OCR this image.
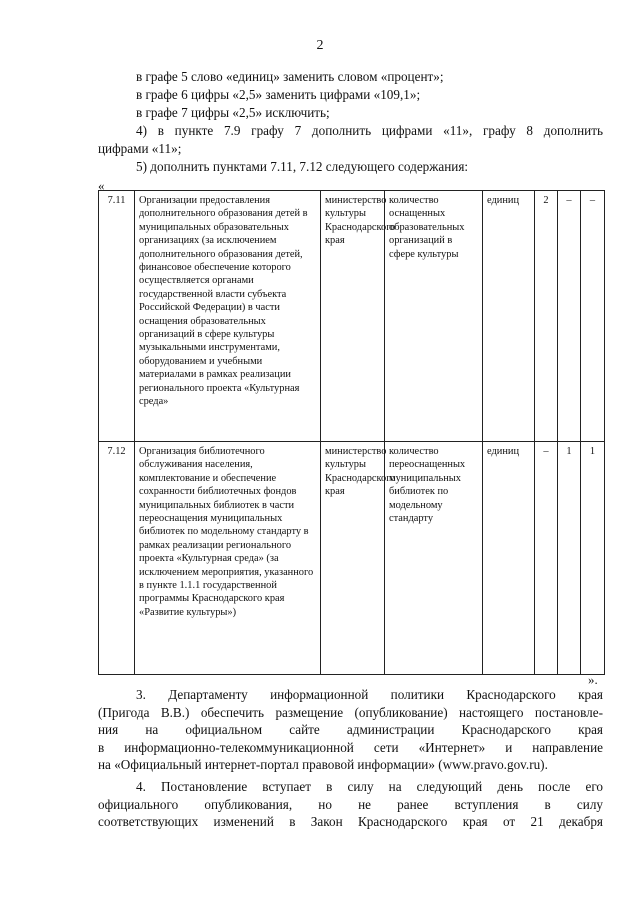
2

в графе 5 слово «единиц» заменить словом «процент»;

в графе 6 цифры «2,5» заменить цифрами «109,1»;

в графе 7 цифры «2,5» исключить;

4) в пункте 7.9 графу 7 дополнить цифрами «11», графу 8 дополнить

цифрами «11»;

5) дополнить пунктами 7.11, 7.12 следующего содержания:

«
7.11	Организации предоставления дополнительного образования детей в муниципальных образовательных организациях (за исключением дополнительного образования детей, финансовое обеспечение которого осуществляется органами государственной власти субъекта Российской Федерации) в части оснащения образовательных организаций в сфере культуры музыкальными инструментами, оборудованием и учебными материалами в рамках реализации регионального проекта «Культурная среда»	министерство культуры Краснодарского края	количество оснащенных образовательных организаций в сфере культуры	единиц	2	–	–
7.12	Организация библиотечного обслуживания населения, комплектование и обеспечение сохранности библиотечных фондов муниципальных библиотек в части переоснащения муниципальных библиотек по модельному стандарту в рамках реализации регионального проекта «Культурная среда» (за исключением мероприятия, указанного в пункте 1.1.1 государственной программы Краснодарского края «Развитие культуры»)	министерство культуры Краснодарского края	количество переоснащенных муниципальных библиотек по модельному стандарту	единиц	–	1	1
».

3. Департаменту информационной политики Краснодарского края
(Пригода В.В.) обеспечить размещение (опубликование) настоящего постановле-
ния на официальном сайте администрации Краснодарского края
в информационно-телекоммуникационной сети «Интернет» и направление
на «Официальный интернет-портал правовой информации» (www.pravo.gov.ru).

4. Постановление вступает в силу на следующий день после его
официального опубликования, но не ранее вступления в силу
соответствующих изменений в Закон Краснодарского края от 21 декабря
